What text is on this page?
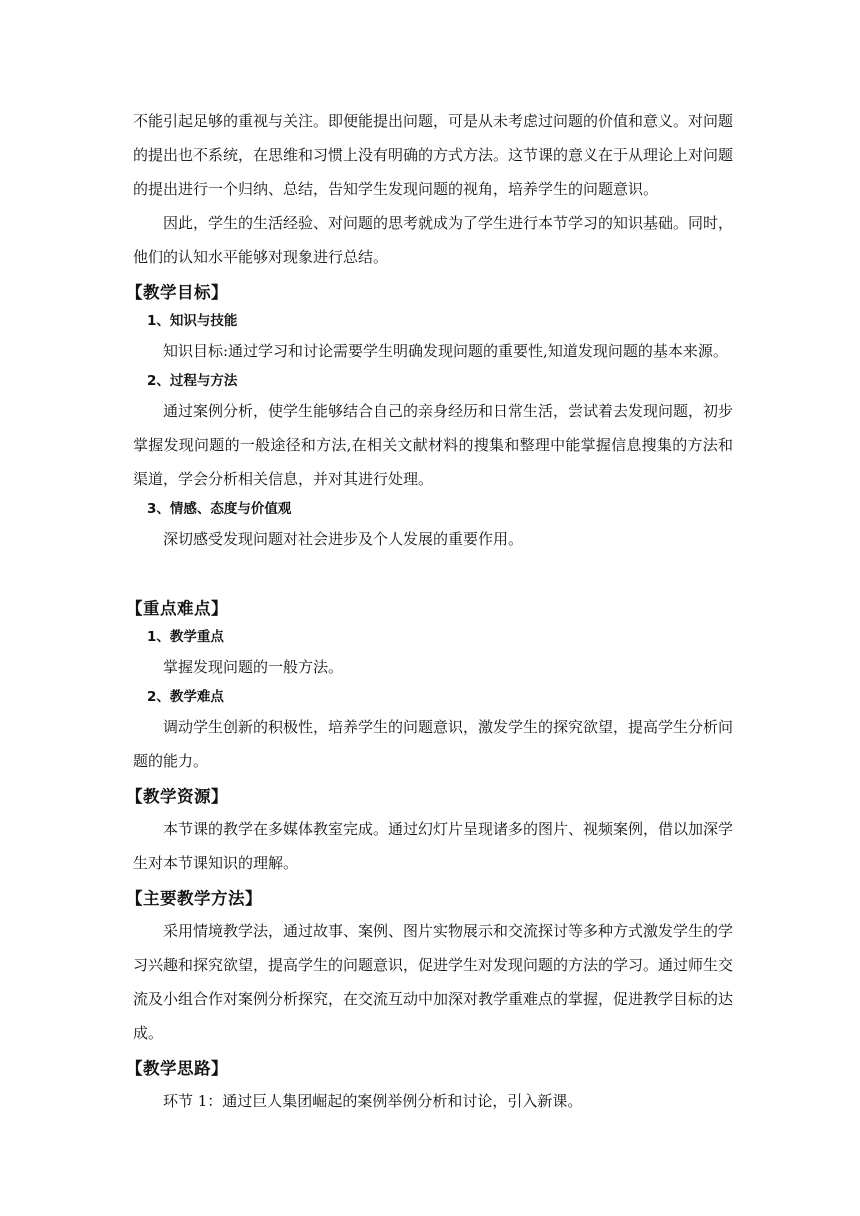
不能引起足够的重视与关注。即便能提出问题，可是从未考虑过问题的价值和意义。对问题的提出也不系统，在思维和习惯上没有明确的方式方法。这节课的意义在于从理论上对问题的提出进行一个归纳、总结，告知学生发现问题的视角，培养学生的问题意识。

因此，学生的生活经验、对问题的思考就成为了学生进行本节学习的知识基础。同时，他们的认知水平能够对现象进行总结。

【教学目标】
1、知识与技能

知识目标:通过学习和讨论需要学生明确发现问题的重要性,知道发现问题的基本来源。

2、过程与方法

通过案例分析，使学生能够结合自己的亲身经历和日常生活，尝试着去发现问题，初步掌握发现问题的一般途径和方法,在相关文献材料的搜集和整理中能掌握信息搜集的方法和渠道，学会分析相关信息，并对其进行处理。

3、情感、态度与价值观

深切感受发现问题对社会进步及个人发展的重要作用。

【重点难点】
1、教学重点

掌握发现问题的一般方法。

2、教学难点

调动学生创新的积极性，培养学生的问题意识，激发学生的探究欲望，提高学生分析问题的能力。

【教学资源】

本节课的教学在多媒体教室完成。通过幻灯片呈现诸多的图片、视频案例，借以加深学生对本节课知识的理解。

【主要教学方法】

采用情境教学法，通过故事、案例、图片实物展示和交流探讨等多种方式激发学生的学习兴趣和探究欲望，提高学生的问题意识，促进学生对发现问题的方法的学习。通过师生交流及小组合作对案例分析探究，在交流互动中加深对教学重难点的掌握，促进教学目标的达成。

【教学思路】

环节 1：通过巨人集团崛起的案例举例分析和讨论，引入新课。
